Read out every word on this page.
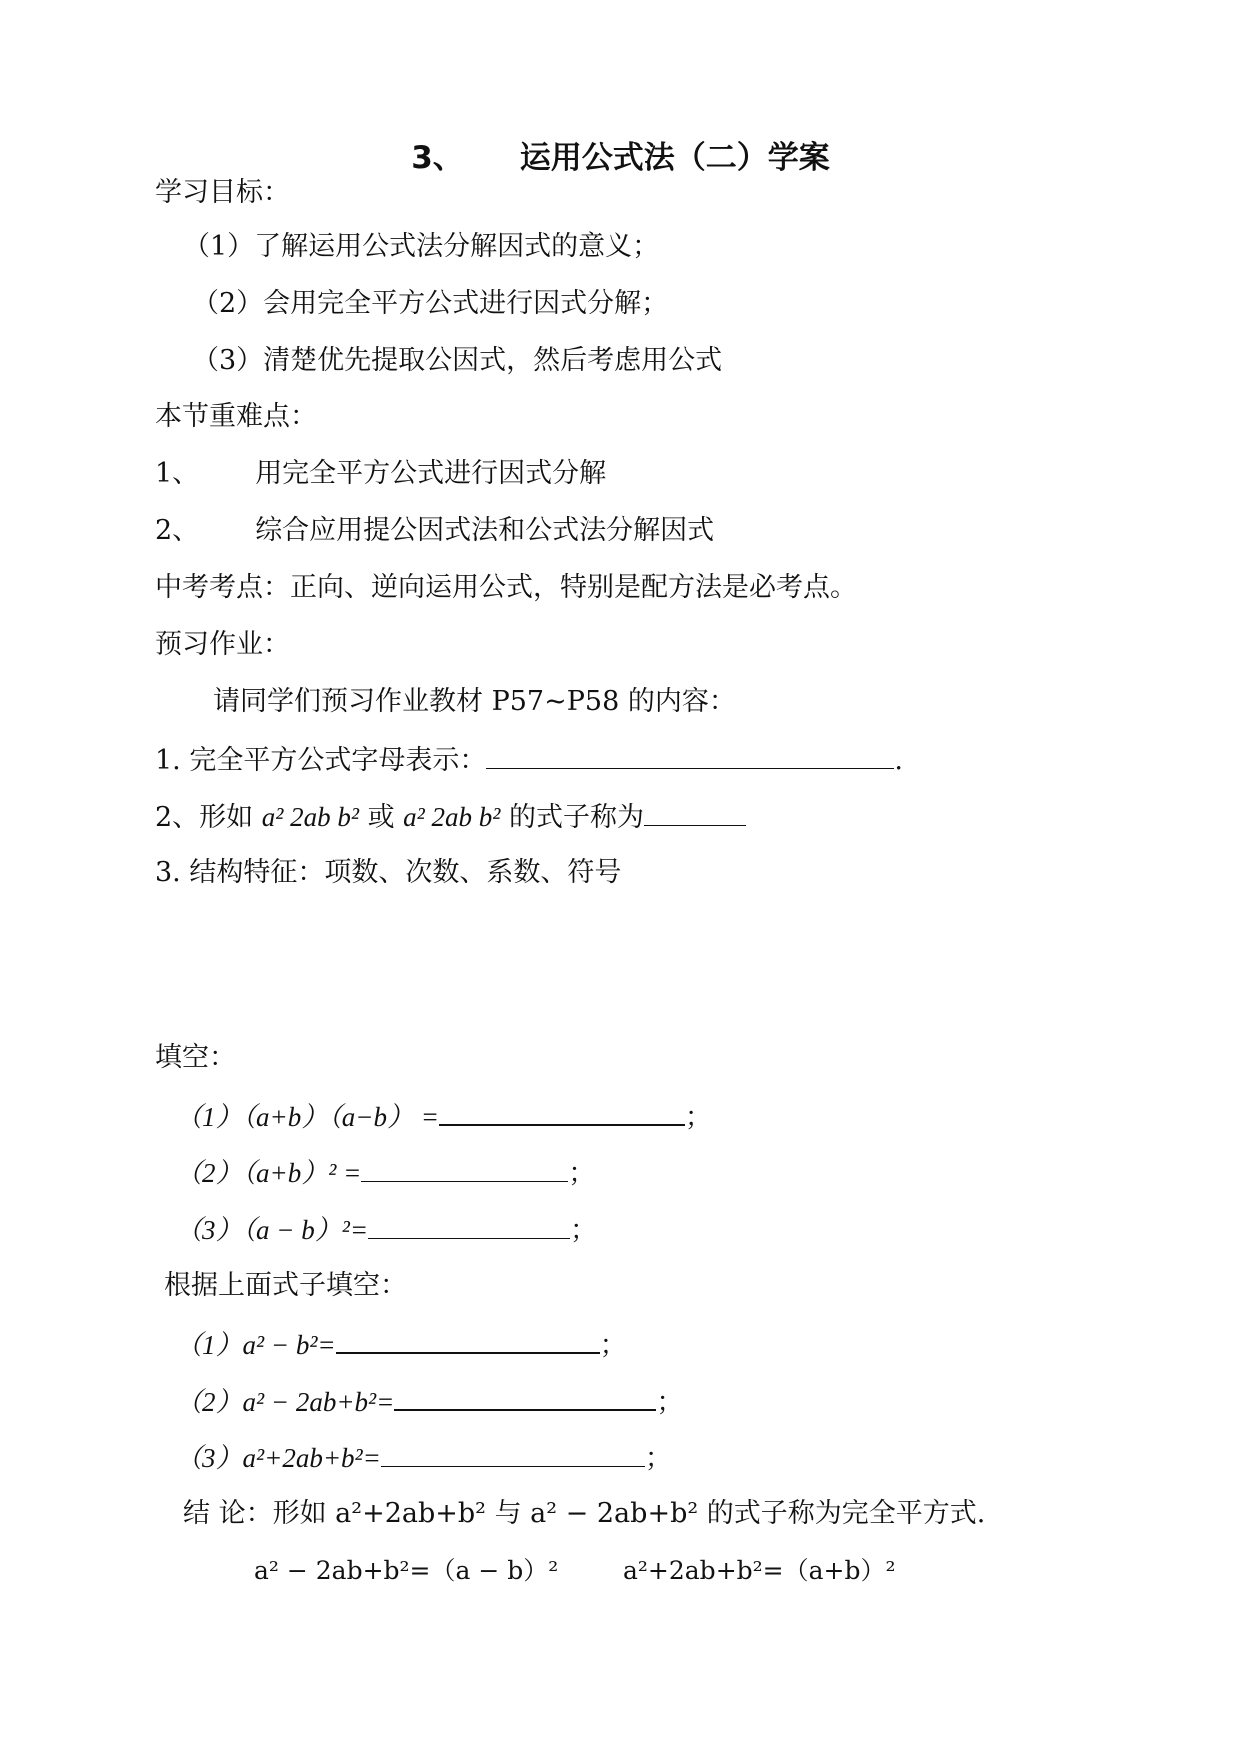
3、 运用公式法（二）学案
学习目标：
（1）了解运用公式法分解因式的意义；
（2）会用完全平方公式进行因式分解；
（3）清楚优先提取公因式，然后考虑用公式
本节重难点：
1、 用完全平方公式进行因式分解
2、 综合应用提公因式法和公式法分解因式
中考考点：正向、逆向运用公式，特别是配方法是必考点。
预习作业：
请同学们预习作业教材 P57~P58 的内容：
1. 完全平方公式字母表示：	.
2、形如 a² 2ab b² 或 a² 2ab b² 的式子称为
3. 结构特征：项数、次数、系数、符号
填空：
（1）（a+b）（a−b） =	；
（2）（a+b）² =	；
（3）（a − b）²=	；
根据上面式子填空：
（1）a² − b²=	；
（2）a² − 2ab+b²=	；
（3）a²+2ab+b²=	；
结 论：形如 a²+2ab+b² 与 a² − 2ab+b² 的式子称为完全平方式.
a² − 2ab+b²=（a − b）²	a²+2ab+b²=（a+b）²
